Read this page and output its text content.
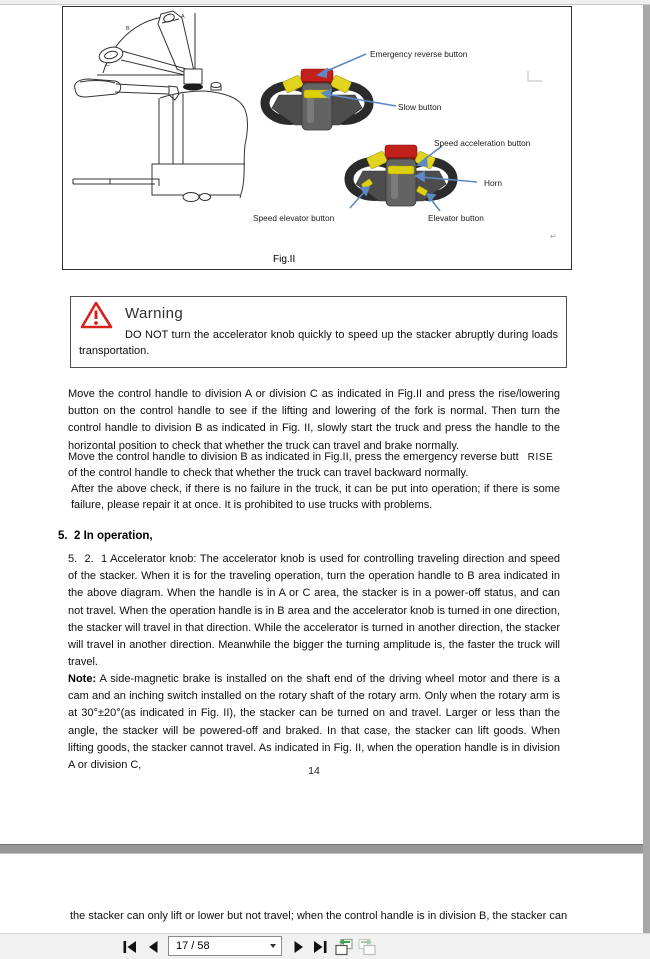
A
B
C
Emergency reverse button
Slow button
Speed acceleration button
Horn
Speed elevator button	Elevator button
↵
Fig.II
Warning
DO NOT turn the accelerator knob quickly to speed up the stacker abruptly during loads transportation.
Move the control handle to division A or division C as indicated in Fig.II and press the rise/lowering button on the control handle to see if the lifting and lowering of the fork is normal. Then turn the control handle to division B as indicated in Fig. II, slowly start the truck and press the handle to the horizontal position to check that whether the truck can travel and brake normally.
Move the control handle to division B as indicated in Fig.II, press the emergency reverse butt RISE
of the control handle to check that whether the truck can travel backward normally.
After the above check, if there is no failure in the truck, it can be put into operation; if there is some failure, please repair it at once. It is prohibited to use trucks with problems.
5.  2 In operation,
5.  2.  1 Accelerator knob: The accelerator knob is used for controlling traveling direction and speed of the stacker. When it is for the traveling operation, turn the operation handle to B area indicated in the above diagram. When the handle is in A or C area, the stacker is in a power-off status, and can not travel. When the operation handle is in B area and the accelerator knob is turned in one direction, the stacker will travel in that direction. While the accelerator is turned in another direction, the stacker will travel in another direction. Meanwhile the bigger the turning amplitude is, the faster the truck will travel.
Note: A side-magnetic brake is installed on the shaft end of the driving wheel motor and there is a cam and an inching switch installed on the rotary shaft of the rotary arm. Only when the rotary arm is at 30°±20°(as indicated in Fig. II), the stacker can be turned on and travel. Larger or less than the angle, the stacker will be powered-off and braked. In that case, the stacker can lift goods. When lifting goods, the stacker cannot travel. As indicated in Fig. II, when the operation handle is in division A or division C,	14
the stacker can only lift or lower but not travel; when the control handle is in division B, the stacker can
17 / 58
